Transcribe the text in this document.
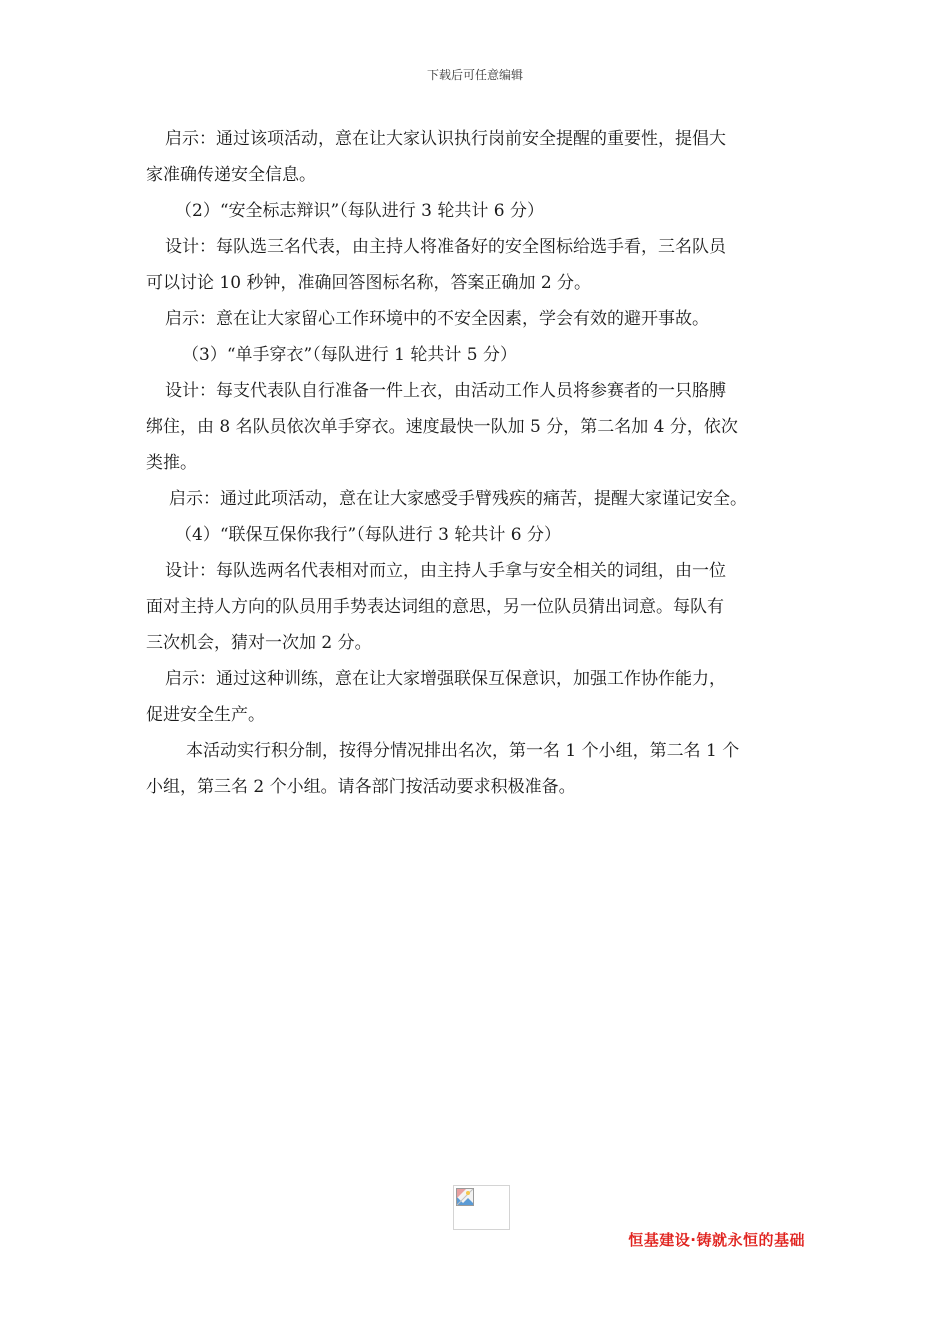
下载后可任意编辑

启示：通过该项活动，意在让大家认识执行岗前安全提醒的重要性，提倡大

家准确传递安全信息。

（2）“安全标志辩识”（每队进行 3 轮共计 6 分）

设计：每队选三名代表，由主持人将准备好的安全图标给选手看，三名队员

可以讨论 10 秒钟，准确回答图标名称，答案正确加 2 分。

启示：意在让大家留心工作环境中的不安全因素，学会有效的避开事故。

（3）“单手穿衣”（每队进行 1 轮共计 5 分）

设计：每支代表队自行准备一件上衣，由活动工作人员将参赛者的一只胳膊

绑住，由 8 名队员依次单手穿衣。速度最快一队加 5 分，第二名加 4 分，依次

类推。

启示：通过此项活动，意在让大家感受手臂残疾的痛苦，提醒大家谨记安全。

（4）“联保互保你我行”（每队进行 3 轮共计 6 分）

设计：每队选两名代表相对而立，由主持人手拿与安全相关的词组，由一位

面对主持人方向的队员用手势表达词组的意思，另一位队员猜出词意。每队有

三次机会，猜对一次加 2 分。

启示：通过这种训练，意在让大家增强联保互保意识，加强工作协作能力，

促进安全生产。

本活动实行积分制，按得分情况排出名次，第一名 1 个小组，第二名 1 个

小组，第三名 2 个小组。请各部门按活动要求积极准备。

恒基建设·铸就永恒的基础
